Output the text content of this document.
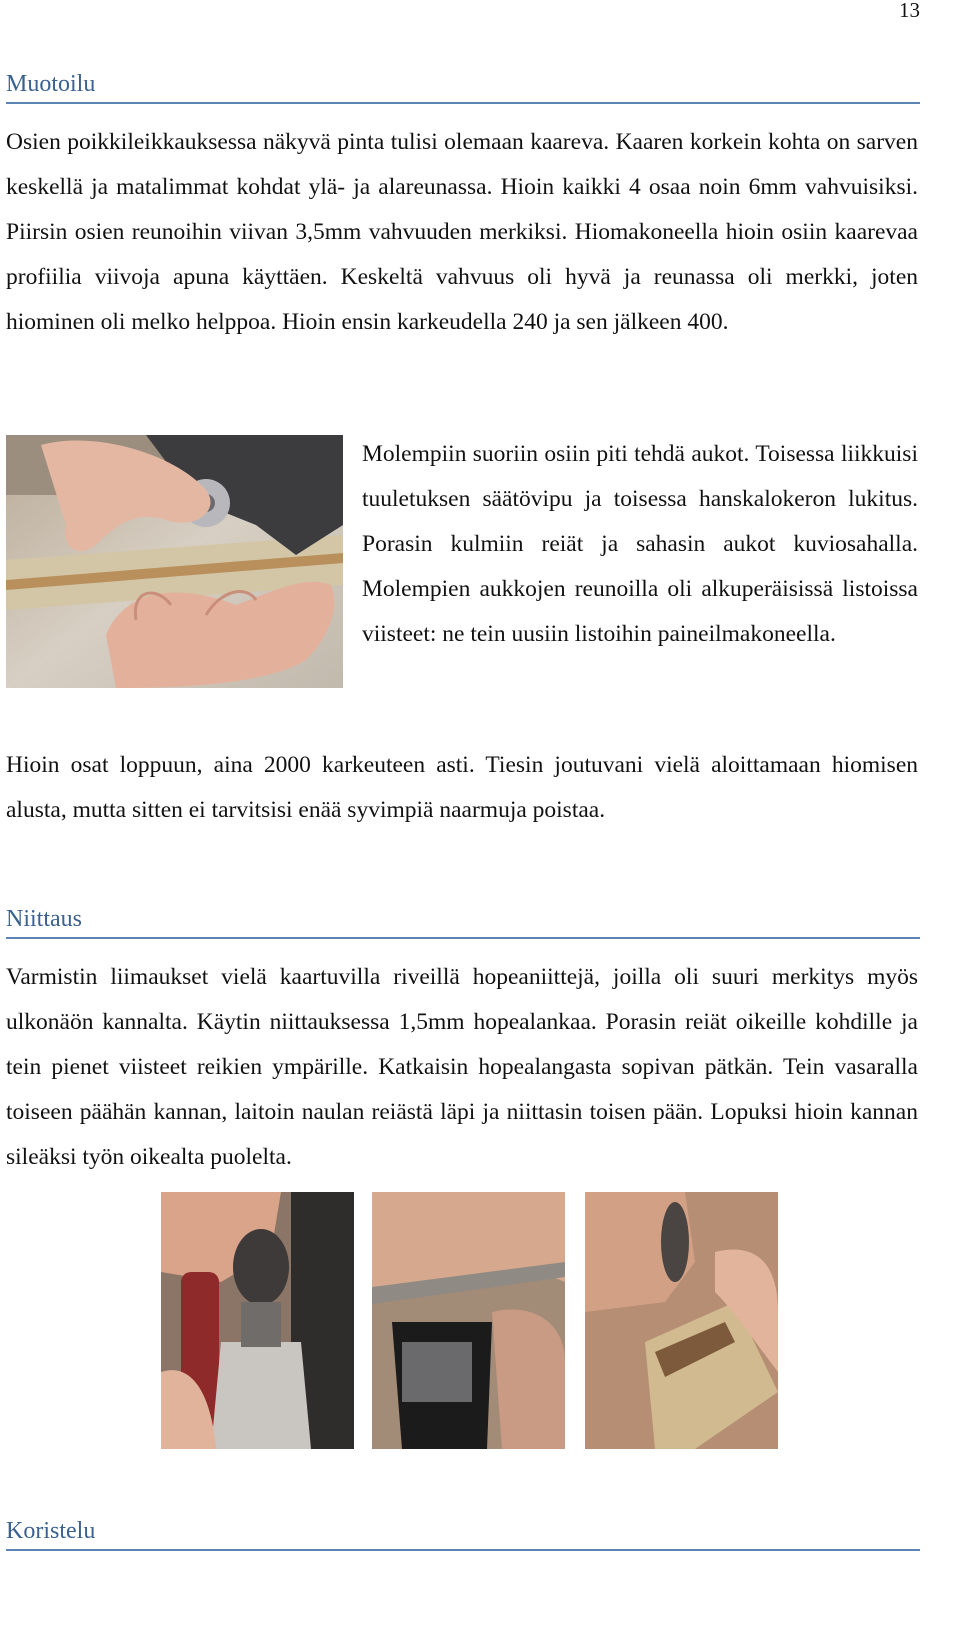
13
Muotoilu

Osien poikkileikkauksessa näkyvä pinta tulisi olemaan kaareva. Kaaren korkein kohta on sarven keskellä ja matalimmat kohdat ylä- ja alareunassa. Hioin kaikki 4 osaa noin 6mm vahvuisiksi. Piirsin osien reunoihin viivan 3,5mm vahvuuden merkiksi. Hiomakoneella hioin osiin kaarevaa profiilia viivoja apuna käyttäen. Keskeltä vahvuus oli hyvä ja reunassa oli merkki, joten hiominen oli melko helppoa. Hioin ensin karkeudella 240 ja sen jälkeen 400.

Molempiin suoriin osiin piti tehdä aukot. Toisessa liikkuisi tuuletuksen säätövipu ja toisessa hanskalokeron lukitus. Porasin kulmiin reiät ja sahasin aukot kuviosahalla. Molempien aukkojen reunoilla oli alkuperäisissä listoissa viisteet: ne tein uusiin listoihin paineilmakoneella.

Hioin osat loppuun, aina 2000 karkeuteen asti. Tiesin joutuvani vielä aloittamaan hiomisen alusta, mutta sitten ei tarvitsisi enää syvimpiä naarmuja poistaa.

Niittaus

Varmistin liimaukset vielä kaartuvilla riveillä hopeaniittejä, joilla oli suuri merkitys myös ulkonäön kannalta. Käytin niittauksessa 1,5mm hopealankaa. Porasin reiät oikeille kohdille ja tein pienet viisteet reikien ympärille. Katkaisin hopealangasta sopivan pätkän. Tein vasaralla toiseen päähän kannan, laitoin naulan reiästä läpi ja niittasin toisen pään. Lopuksi hioin kannan sileäksi työn oikealta puolelta.

Koristelu
